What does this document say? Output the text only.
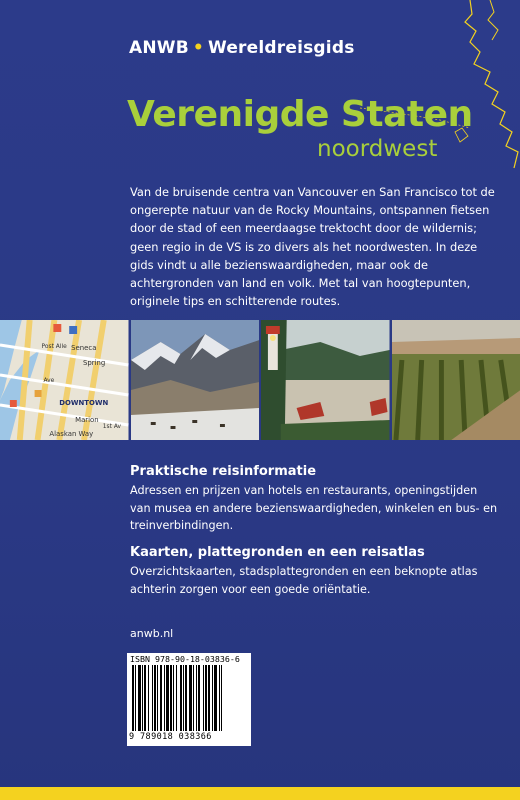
ANWB • Wereldreisgids
Verenigde Staten
noordwest
Van de bruisende centra van Vancouver en San Francisco tot de ongerepte natuur van de Rocky Mountains, ontspannen fietsen door de stad of een meerdaagse trektocht door de wildernis; geen regio in de VS is zo divers als het noordwesten. In deze gids vindt u alle bezienswaardigheden, maar ook de achtergronden van land en volk. Met tal van hoogtepunten, originele tips en schitterende routes.
Seneca
Spring
DOWNTOWN
Marion
Alaskan Way
Post Alle
1st Av
Ave
Praktische reisinformatie
Adressen en prijzen van hotels en restaurants, openingstijden van musea en andere bezienswaardigheden, winkelen en bus- en treinverbindingen.
Kaarten, plattegronden en een reisatlas
Overzichtskaarten, stadsplattegronden en een beknopte atlas achterin zorgen voor een goede oriëntatie.
anwb.nl
ISBN 978-90-18-03836-6
9 789018 038366
